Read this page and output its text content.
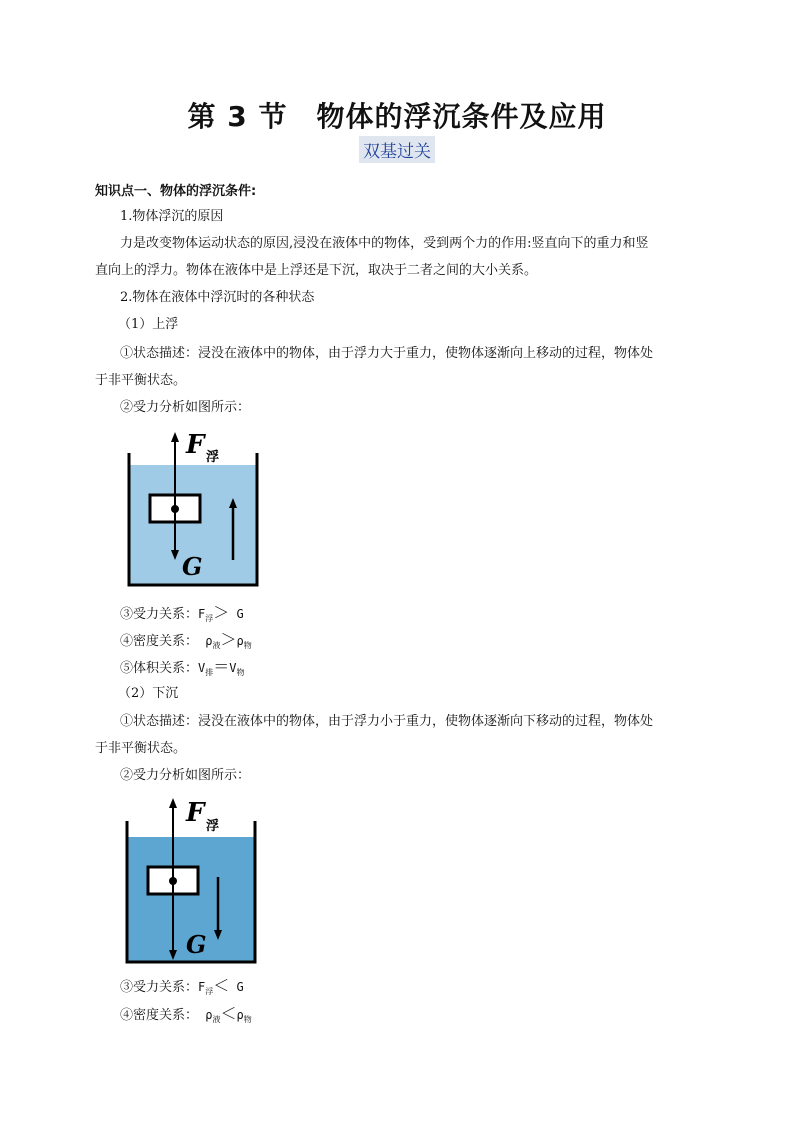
第 3 节　物体的浮沉条件及应用
双基过关
知识点一、物体的浮沉条件:
1.物体浮沉的原因
力是改变物体运动状态的原因,浸没在液体中的物体，受到两个力的作用:竖直向下的重力和竖
直向上的浮力。物体在液体中是上浮还是下沉，取决于二者之间的大小关系。
2.物体在液体中浮沉时的各种状态
（1）上浮
①状态描述：浸没在液体中的物体，由于浮力大于重力，使物体逐渐向上移动的过程，物体处
于非平衡状态。
②受力分析如图所示：
F 浮
G
③受力关系：$F_浮> G$
④密度关系： $\rho_液>\rho_物$
⑤体积关系：$V_排=V_物$
（2）下沉
①状态描述：浸没在液体中的物体，由于浮力小于重力，使物体逐渐向下移动的过程，物体处
于非平衡状态。
②受力分析如图所示：
F 浮
G
③受力关系：$F_浮< G$
④密度关系： $\rho_液<\rho_物$
